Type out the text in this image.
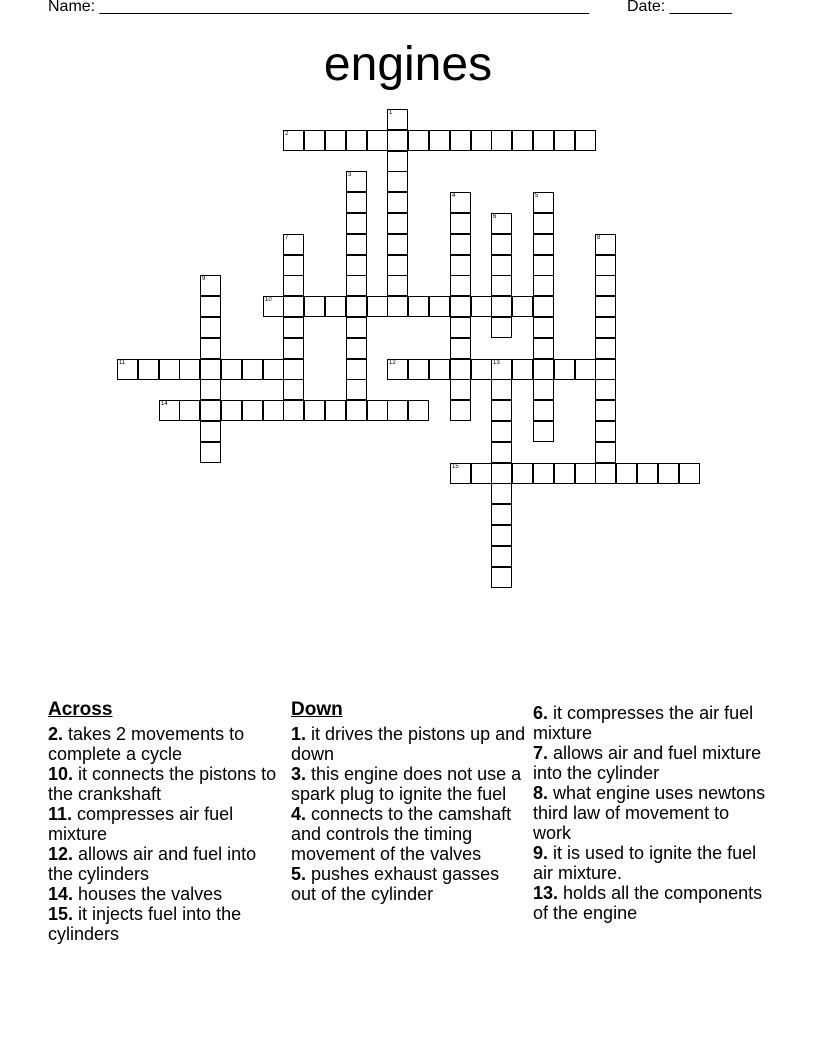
Name: _______________________________________________________ Date: _______
engines
2
10
11	12	13
14
15
1
3
4	5
6
7	8
9
Across
2. takes 2 movements to complete a cycle
10. it connects the pistons to the crankshaft
11. compresses air fuel mixture
12. allows air and fuel into the cylinders
14. houses the valves
15. it injects fuel into the cylinders
Down
1. it drives the pistons up and down
3. this engine does not use a spark plug to ignite the fuel
4. connects to the camshaft and controls the timing movement of the valves
5. pushes exhaust gasses out of the cylinder
6. it compresses the air fuel mixture
7. allows air and fuel mixture into the cylinder
8. what engine uses newtons third law of movement to work
9. it is used to ignite the fuel air mixture.
13. holds all the components of the engine
